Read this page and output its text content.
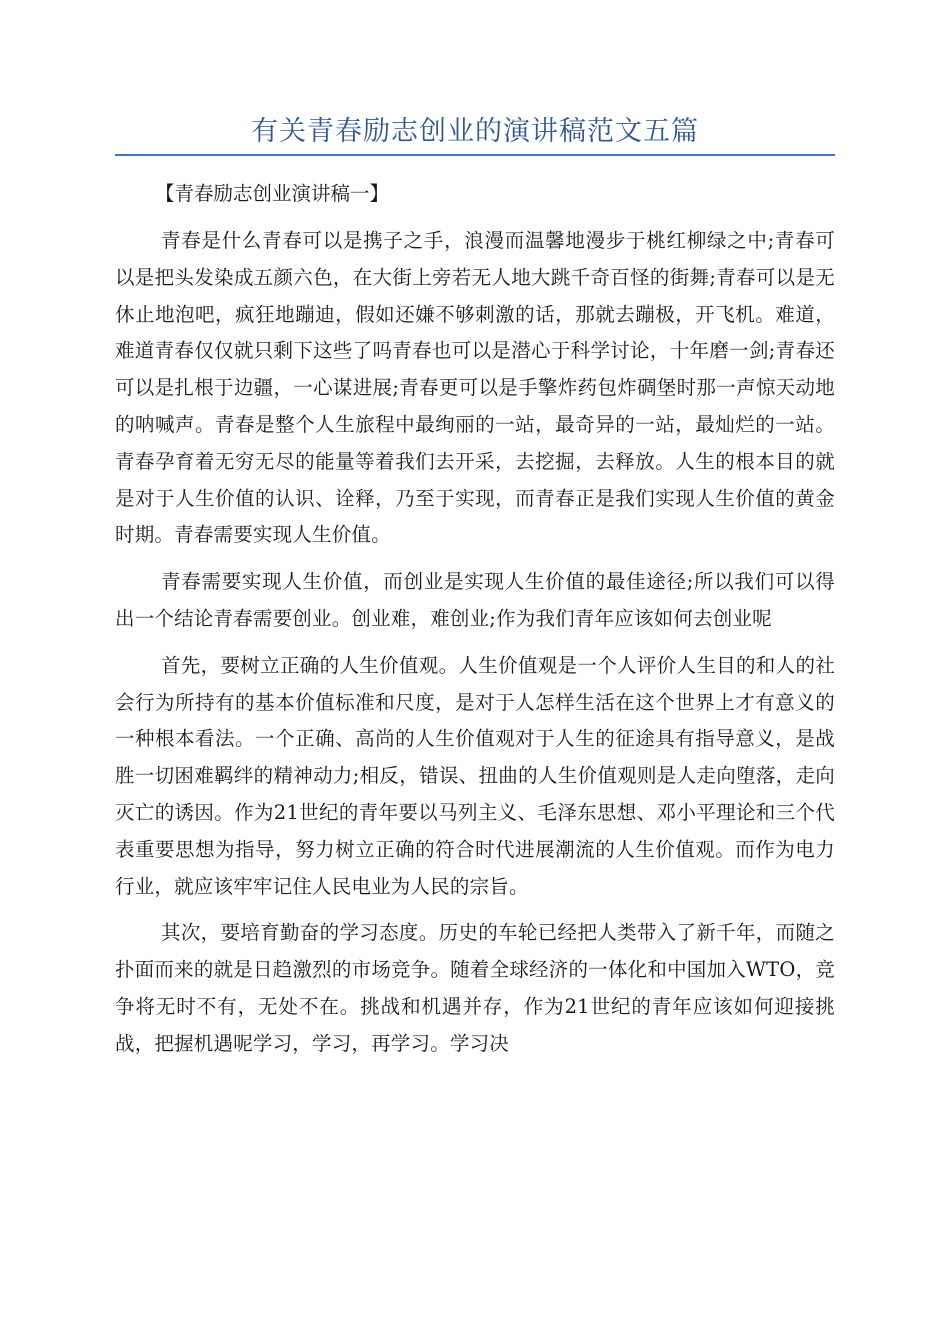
有关青春励志创业的演讲稿范文五篇

【青春励志创业演讲稿一】

青春是什么青春可以是携子之手，浪漫而温馨地漫步于桃红柳绿之中;青春可以是把头发染成五颜六色，在大街上旁若无人地大跳千奇百怪的街舞;青春可以是无休止地泡吧，疯狂地蹦迪，假如还嫌不够刺激的话，那就去蹦极，开飞机。难道，难道青春仅仅就只剩下这些了吗青春也可以是潜心于科学讨论，十年磨一剑;青春还可以是扎根于边疆，一心谋进展;青春更可以是手擎炸药包炸碉堡时那一声惊天动地的呐喊声。青春是整个人生旅程中最绚丽的一站，最奇异的一站，最灿烂的一站。青春孕育着无穷无尽的能量等着我们去开采，去挖掘，去释放。人生的根本目的就是对于人生价值的认识、诠释，乃至于实现，而青春正是我们实现人生价值的黄金时期。青春需要实现人生价值。

青春需要实现人生价值，而创业是实现人生价值的最佳途径;所以我们可以得出一个结论青春需要创业。创业难，难创业;作为我们青年应该如何去创业呢

首先，要树立正确的人生价值观。人生价值观是一个人评价人生目的和人的社会行为所持有的基本价值标准和尺度，是对于人怎样生活在这个世界上才有意义的一种根本看法。一个正确、高尚的人生价值观对于人生的征途具有指导意义，是战胜一切困难羁绊的精神动力;相反，错误、扭曲的人生价值观则是人走向堕落，走向灭亡的诱因。作为21世纪的青年要以马列主义、毛泽东思想、邓小平理论和三个代表重要思想为指导，努力树立正确的符合时代进展潮流的人生价值观。而作为电力行业，就应该牢牢记住人民电业为人民的宗旨。

其次，要培育勤奋的学习态度。历史的车轮已经把人类带入了新千年，而随之扑面而来的就是日趋激烈的市场竞争。随着全球经济的一体化和中国加入WTO，竞争将无时不有，无处不在。挑战和机遇并存，作为21世纪的青年应该如何迎接挑战，把握机遇呢学习，学习，再学习。学习决
